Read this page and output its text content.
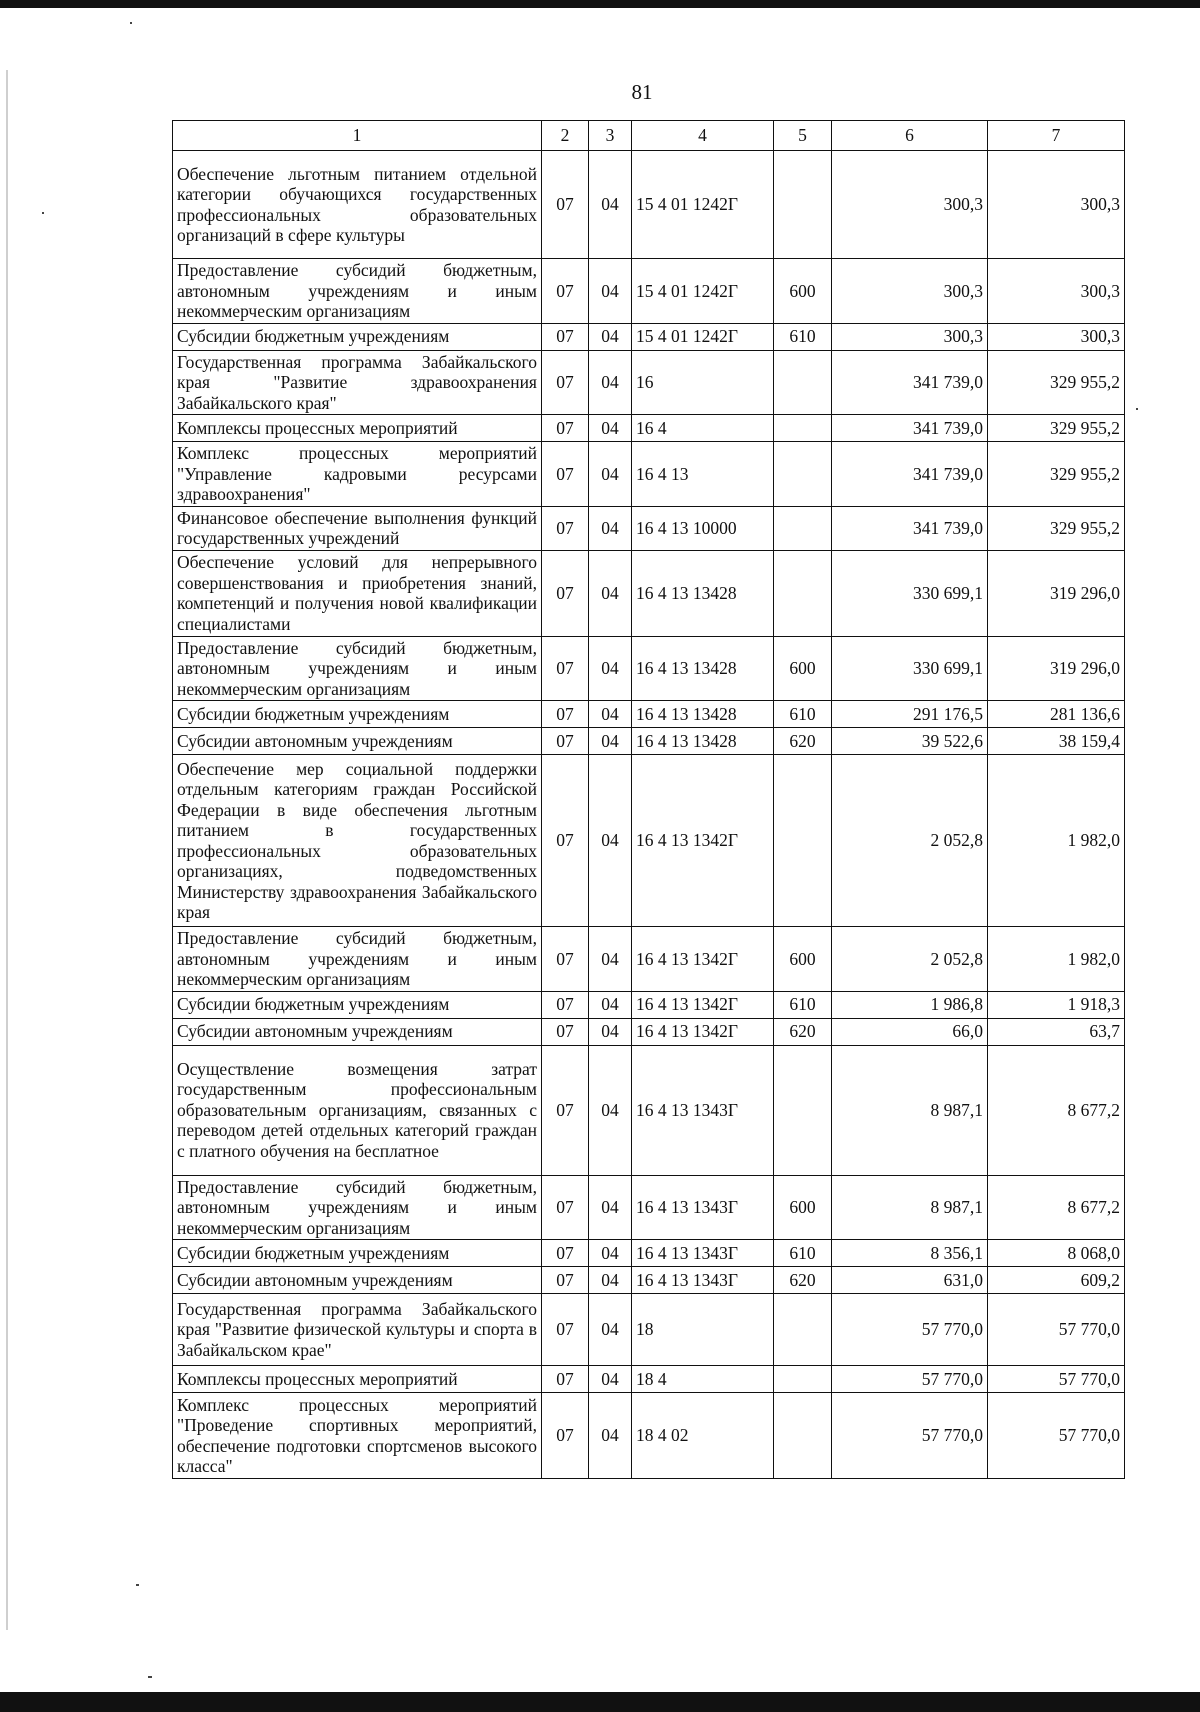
81
1	2	3	4	5	6	7
Обеспечение льготным питанием отдельной категории обучающихся государственных профессиональных образовательных организаций в сфере культуры	07	04	15 4 01 1242Г		300,3	300,3
Предоставление субсидий бюджетным, автономным учреждениям и иным некоммерческим организациям	07	04	15 4 01 1242Г	600	300,3	300,3
Субсидии бюджетным учреждениям	07	04	15 4 01 1242Г	610	300,3	300,3
Государственная программа Забайкальского края "Развитие здравоохранения Забайкальского края"	07	04	16		341 739,0	329 955,2
Комплексы процессных мероприятий	07	04	16 4		341 739,0	329 955,2
Комплекс процессных мероприятий "Управление кадровыми ресурсами здравоохранения"	07	04	16 4 13		341 739,0	329 955,2
Финансовое обеспечение выполнения функций государственных учреждений	07	04	16 4 13 10000		341 739,0	329 955,2
Обеспечение условий для непрерывного совершенствования и приобретения знаний, компетенций и получения новой квалификации специалистами	07	04	16 4 13 13428		330 699,1	319 296,0
Предоставление субсидий бюджетным, автономным учреждениям и иным некоммерческим организациям	07	04	16 4 13 13428	600	330 699,1	319 296,0
Субсидии бюджетным учреждениям	07	04	16 4 13 13428	610	291 176,5	281 136,6
Субсидии автономным учреждениям	07	04	16 4 13 13428	620	39 522,6	38 159,4
Обеспечение мер социальной поддержки отдельным категориям граждан Российской Федерации в виде обеспечения льготным питанием в государственных профессиональных образовательных организациях, подведомственных Министерству здравоохранения Забайкальского края	07	04	16 4 13 1342Г		2 052,8	1 982,0
Предоставление субсидий бюджетным, автономным учреждениям и иным некоммерческим организациям	07	04	16 4 13 1342Г	600	2 052,8	1 982,0
Субсидии бюджетным учреждениям	07	04	16 4 13 1342Г	610	1 986,8	1 918,3
Субсидии автономным учреждениям	07	04	16 4 13 1342Г	620	66,0	63,7
Осуществление возмещения затрат государственным профессиональным образовательным организациям, связанных с переводом детей отдельных категорий граждан с платного обучения на бесплатное	07	04	16 4 13 1343Г		8 987,1	8 677,2
Предоставление субсидий бюджетным, автономным учреждениям и иным некоммерческим организациям	07	04	16 4 13 1343Г	600	8 987,1	8 677,2
Субсидии бюджетным учреждениям	07	04	16 4 13 1343Г	610	8 356,1	8 068,0
Субсидии автономным учреждениям	07	04	16 4 13 1343Г	620	631,0	609,2
Государственная программа Забайкальского края "Развитие физической культуры и спорта в Забайкальском крае"	07	04	18		57 770,0	57 770,0
Комплексы процессных мероприятий	07	04	18 4		57 770,0	57 770,0
Комплекс процессных мероприятий "Проведение спортивных мероприятий, обеспечение подготовки спортсменов высокого класса"	07	04	18 4 02		57 770,0	57 770,0
